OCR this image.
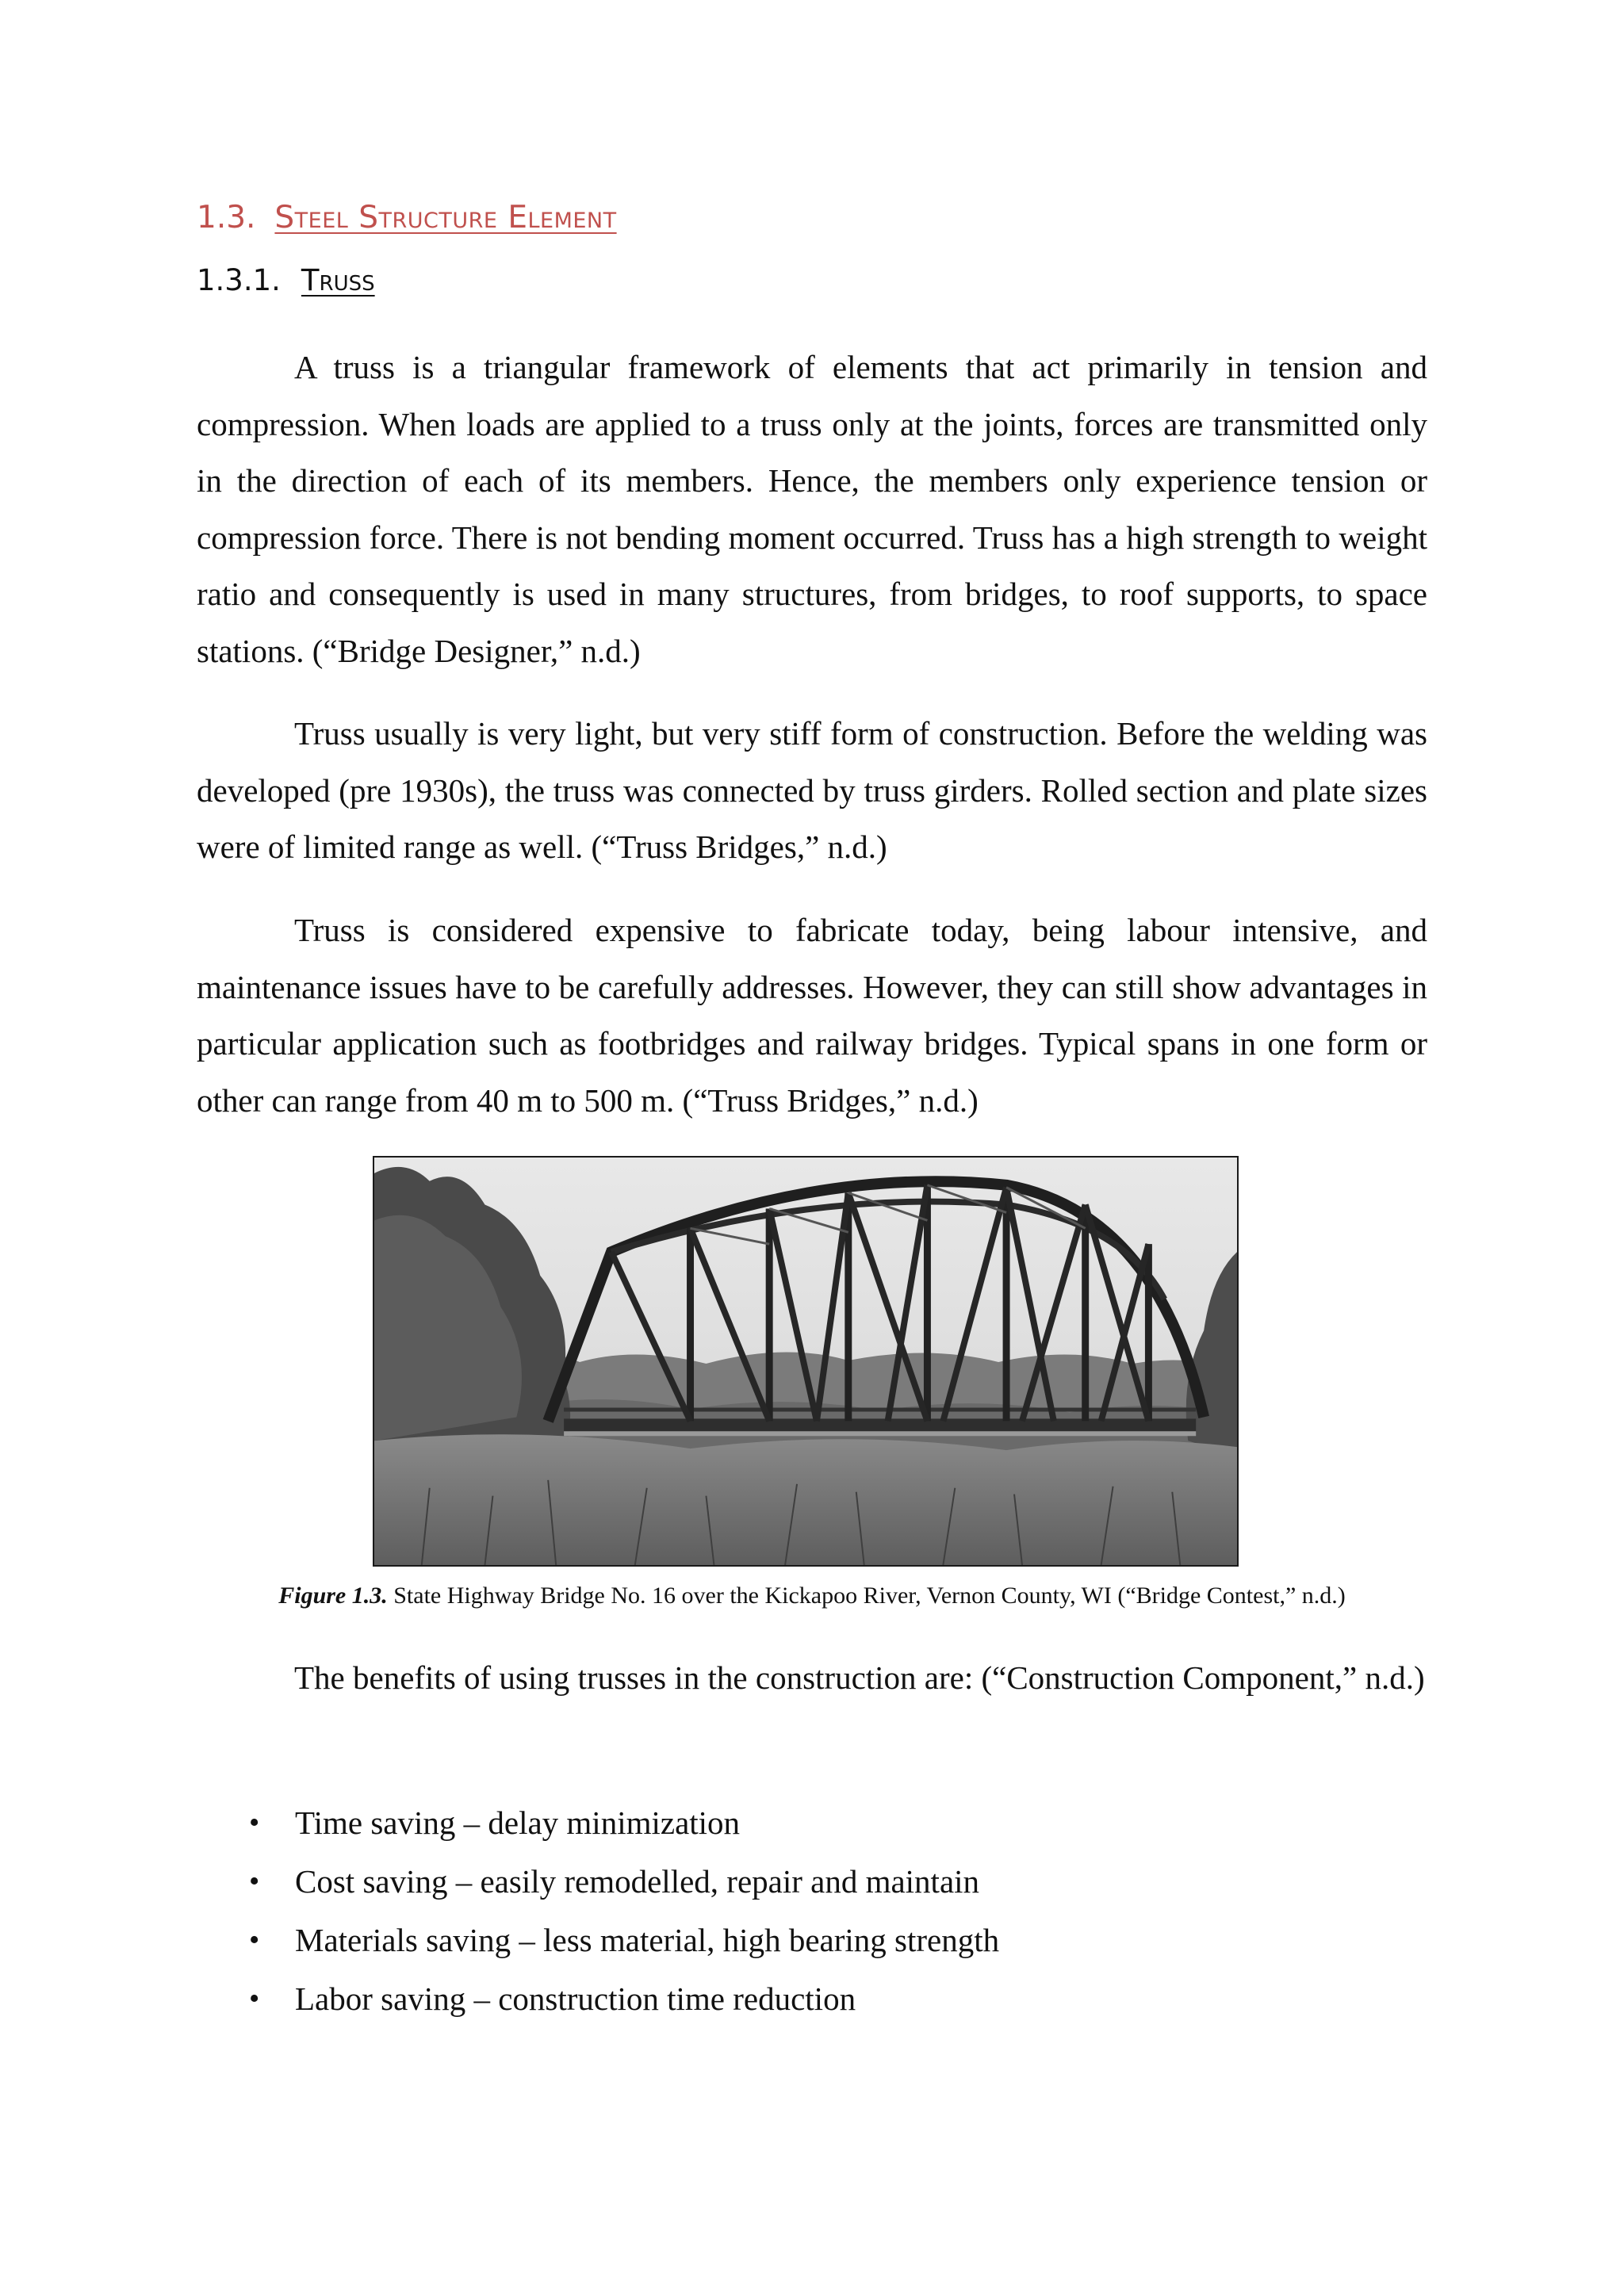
1.3. Steel Structure Element
1.3.1. Truss

A truss is a triangular framework of elements that act primarily in tension and compression. When loads are applied to a truss only at the joints, forces are transmitted only in the direction of each of its members. Hence, the members only experience tension or compression force. There is not bending moment occurred. Truss has a high strength to weight ratio and consequently is used in many structures, from bridges, to roof supports, to space stations. (“Bridge Designer,” n.d.)

Truss usually is very light, but very stiff form of construction. Before the welding was developed (pre 1930s), the truss was connected by truss girders. Rolled section and plate sizes were of limited range as well. (“Truss Bridges,” n.d.)

Truss is considered expensive to fabricate today, being labour intensive, and maintenance issues have to be carefully addresses. However, they can still show advantages in particular application such as footbridges and railway bridges. Typical spans in one form or other can range from 40 m to 500 m. (“Truss Bridges,” n.d.)

Figure 1.3. State Highway Bridge No. 16 over the Kickapoo River, Vernon County, WI (“Bridge Contest,” n.d.)

The benefits of using trusses in the construction are: (“Construction Component,” n.d.)

• Time saving – delay minimization
• Cost saving – easily remodelled, repair and maintain
• Materials saving – less material, high bearing strength
• Labor saving – construction time reduction
